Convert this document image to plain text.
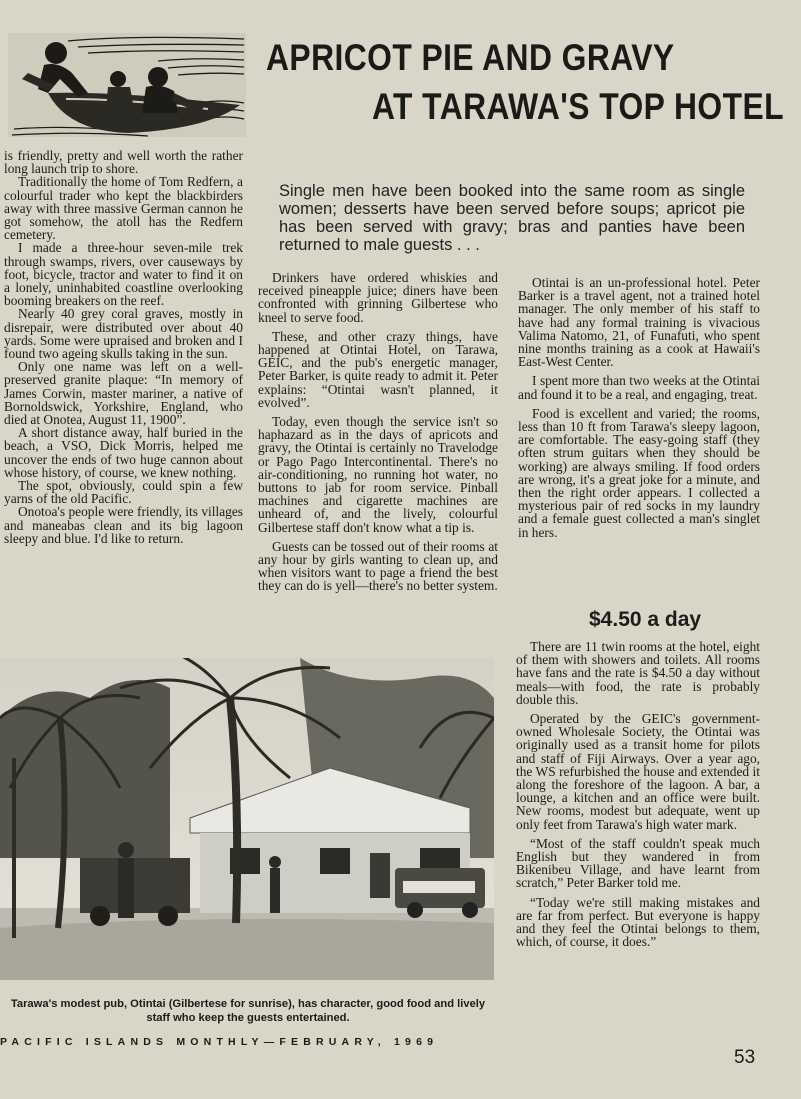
APRICOT PIE AND GRAVY
AT TARAWA'S TOP HOTEL
Single men have been booked into the same room as single women; desserts have been served before soups; apricot pie has been served with gravy; bras and panties have been returned to male guests . . .

is friendly, pretty and well worth the rather long launch trip to shore.

Traditionally the home of Tom Redfern, a colourful trader who kept the blackbirders away with three massive German cannon he got somehow, the atoll has the Redfern cemetery.

I made a three-hour seven-mile trek through swamps, rivers, over causeways by foot, bicycle, tractor and water to find it on a lonely, uninhabited coastline overlooking booming breakers on the reef.

Nearly 40 grey coral graves, mostly in disrepair, were distributed over about 40 yards. Some were upraised and broken and I found two ageing skulls taking in the sun.

Only one name was left on a well-preserved granite plaque: “In memory of James Corwin, master mariner, a native of Bornoldswick, Yorkshire, England, who died at Onotea, August 11, 1900”.

A short distance away, half buried in the beach, a VSO, Dick Morris, helped me uncover the ends of two huge cannon about whose history, of course, we knew nothing.

The spot, obviously, could spin a few yarns of the old Pacific.

Onotoa's people were friendly, its villages and maneabas clean and its big lagoon sleepy and blue. I'd like to return.

Drinkers have ordered whiskies and received pineapple juice; diners have been confronted with grinning Gilbertese who kneel to serve food.

These, and other crazy things, have happened at Otintai Hotel, on Tarawa, GEIC, and the pub's energetic manager, Peter Barker, is quite ready to admit it. Peter explains: “Otintai wasn't planned, it evolved”.

Today, even though the service isn't so haphazard as in the days of apricots and gravy, the Otintai is certainly no Travelodge or Pago Pago Intercontinental. There's no air-conditioning, no running hot water, no buttons to jab for room service. Pinball machines and cigarette machines are unheard of, and the lively, colourful Gilbertese staff don't know what a tip is.

Guests can be tossed out of their rooms at any hour by girls wanting to clean up, and when visitors want to page a friend the best they can do is yell—there's no better system.

Otintai is an un-professional hotel. Peter Barker is a travel agent, not a trained hotel manager. The only member of his staff to have had any formal training is vivacious Valima Natomo, 21, of Funafuti, who spent nine months training as a cook at Hawaii's East-West Center.

I spent more than two weeks at the Otintai and found it to be a real, and engaging, treat.

Food is excellent and varied; the rooms, less than 10 ft from Tarawa's sleepy lagoon, are comfortable. The easy-going staff (they often strum guitars when they should be working) are always smiling. If food orders are wrong, it's a great joke for a minute, and then the right order appears. I collected a mysterious pair of red socks in my laundry and a female guest collected a man's singlet in hers.

$4.50 a day

There are 11 twin rooms at the hotel, eight of them with showers and toilets. All rooms have fans and the rate is $4.50 a day without meals—with food, the rate is probably double this.

Operated by the GEIC's government-owned Wholesale Society, the Otintai was originally used as a transit home for pilots and staff of Fiji Airways. Over a year ago, the WS refurbished the house and extended it along the foreshore of the lagoon. A bar, a lounge, a kitchen and an office were built. New rooms, modest but adequate, went up only feet from Tarawa's high water mark.

“Most of the staff couldn't speak much English but they wandered in from Bikenibeu Village, and have learnt from scratch,” Peter Barker told me.

“Today we're still making mistakes and are far from perfect. But everyone is happy and they feel the Otintai belongs to them, which, of course, it does.”

Tarawa's modest pub, Otintai (Gilbertese for sunrise), has character, good food and lively staff who keep the guests entertained.
PACIFIC ISLANDS MONTHLY—FEBRUARY, 1969
53
